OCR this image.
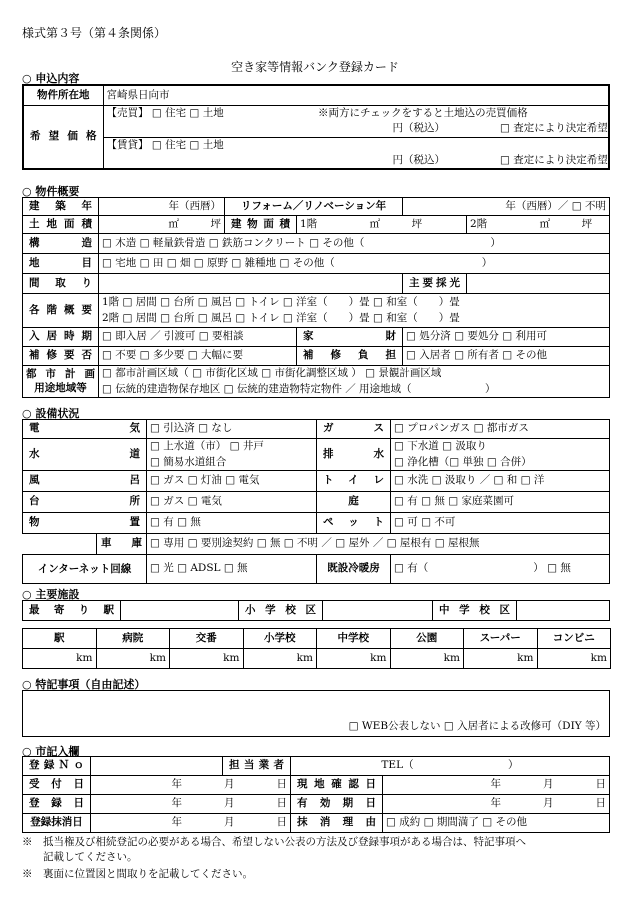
様式第３号（第４条関係）
空き家等情報バンク登録カード
○ 申込内容
物件所在地	宮崎県日向市		
希望価格	【売買】 □ 住宅 □ 土地	※両方にチェックをすると土地込の売買価格	
	円（税込）		□ 査定により決定希望
	【賃貸】 □ 住宅 □ 土地		
	円（税込）		□ 査定により決定希望
○ 物件概要
建築年	年（西暦）	リフォーム／リノベーション年		年（西暦）／ □ 不明	
土地面積	㎡　　　坪	建物面積	1階　　　　　㎡　　　坪		2階　　　　　㎡　　　坪
構造	□ 木造 □ 軽量鉄骨造 □ 鉄筋コンクリート □ その他（　　　　　　　　　　　　）				
地目	□ 宅地 □ 田 □ 畑 □ 原野 □ 雑種地 □ その他（　　　　　　　　　　　　　　）				
間取り				主要採光	
各階概要	1階 □ 居間 □ 台所 □ 風呂 □ トイレ □ 洋室（　　）畳 □ 和室（　　）畳				
	2階 □ 居間 □ 台所 □ 風呂 □ トイレ □ 洋室（　　）畳 □ 和室（　　）畳				
入居時期	□ 即入居 ／ 引渡可 □ 要相談		家財	□ 処分済 □ 要処分 □ 利用可	
補修要否	□ 不要 □ 多少要 □ 大幅に要		補修負担	□ 入居者 □ 所有者 □ その他	

都市計画
用途地域等	□ 都市計画区域（ □ 市街化区域 □ 市街化調整区域 ） □ 景観計画区域				
	□ 伝統的建造物保存地区 □ 伝統的建造物特定物件 ／ 用途地域（　　　　　　　）				
○ 設備状況
電気		□ 引込済 □ なし	ガス	□ プロパンガス □ 都市ガス
水道		□ 上水道（市） □ 井戸	排水	□ 下水道 □ 汲取り
		□ 簡易水道組合		□ 浄化槽（□ 単独 □ 合併）
風呂		□ ガス □ 灯油 □ 電気	トイレ	□ 水洗 □ 汲取り ／ □ 和 □ 洋
台所		□ ガス □ 電気	庭	□ 有 □ 無 □ 家庭菜園可
物置		□ 有 □ 無	ペット	□ 可 □ 不可
	車庫	□ 専用 □ 要別途契約 □ 無 □ 不明 ／ □ 屋外 ／ □ 屋根有 □ 屋根無		
インターネット回線		□ 光 □ ADSL □ 無	既設冷暖房	□ 有（　　　　　　　　　　） □ 無
○ 主要施設
最寄り駅		小学校区		中学校区	
駅	病院	交番	小学校	中学校	公園	スーパー	コンビニ
km	km	km	km	km	km	km	km
○ 特記事項（自由記述）
□ WEB公表しない □ 入居者による改修可（DIY 等）
○ 市記入欄
登録Ｎｏ		担当業者	TEL（　　　　　　　　　）	
受付日	年　　　　月　　　　日		現地確認日	年　　　　月　　　　日
登録日	年　　　　月　　　　日		有効期日	年　　　　月　　　　日
登録抹消日	年　　　　月　　　　日		抹消理由	□ 成約 □ 期間満了 □ その他
※　抵当権及び相続登記の必要がある場合、希望しない公表の方法及び登録事項がある場合は、特記事項へ
　　記載してください。
※　裏面に位置図と間取りを記載してください。
